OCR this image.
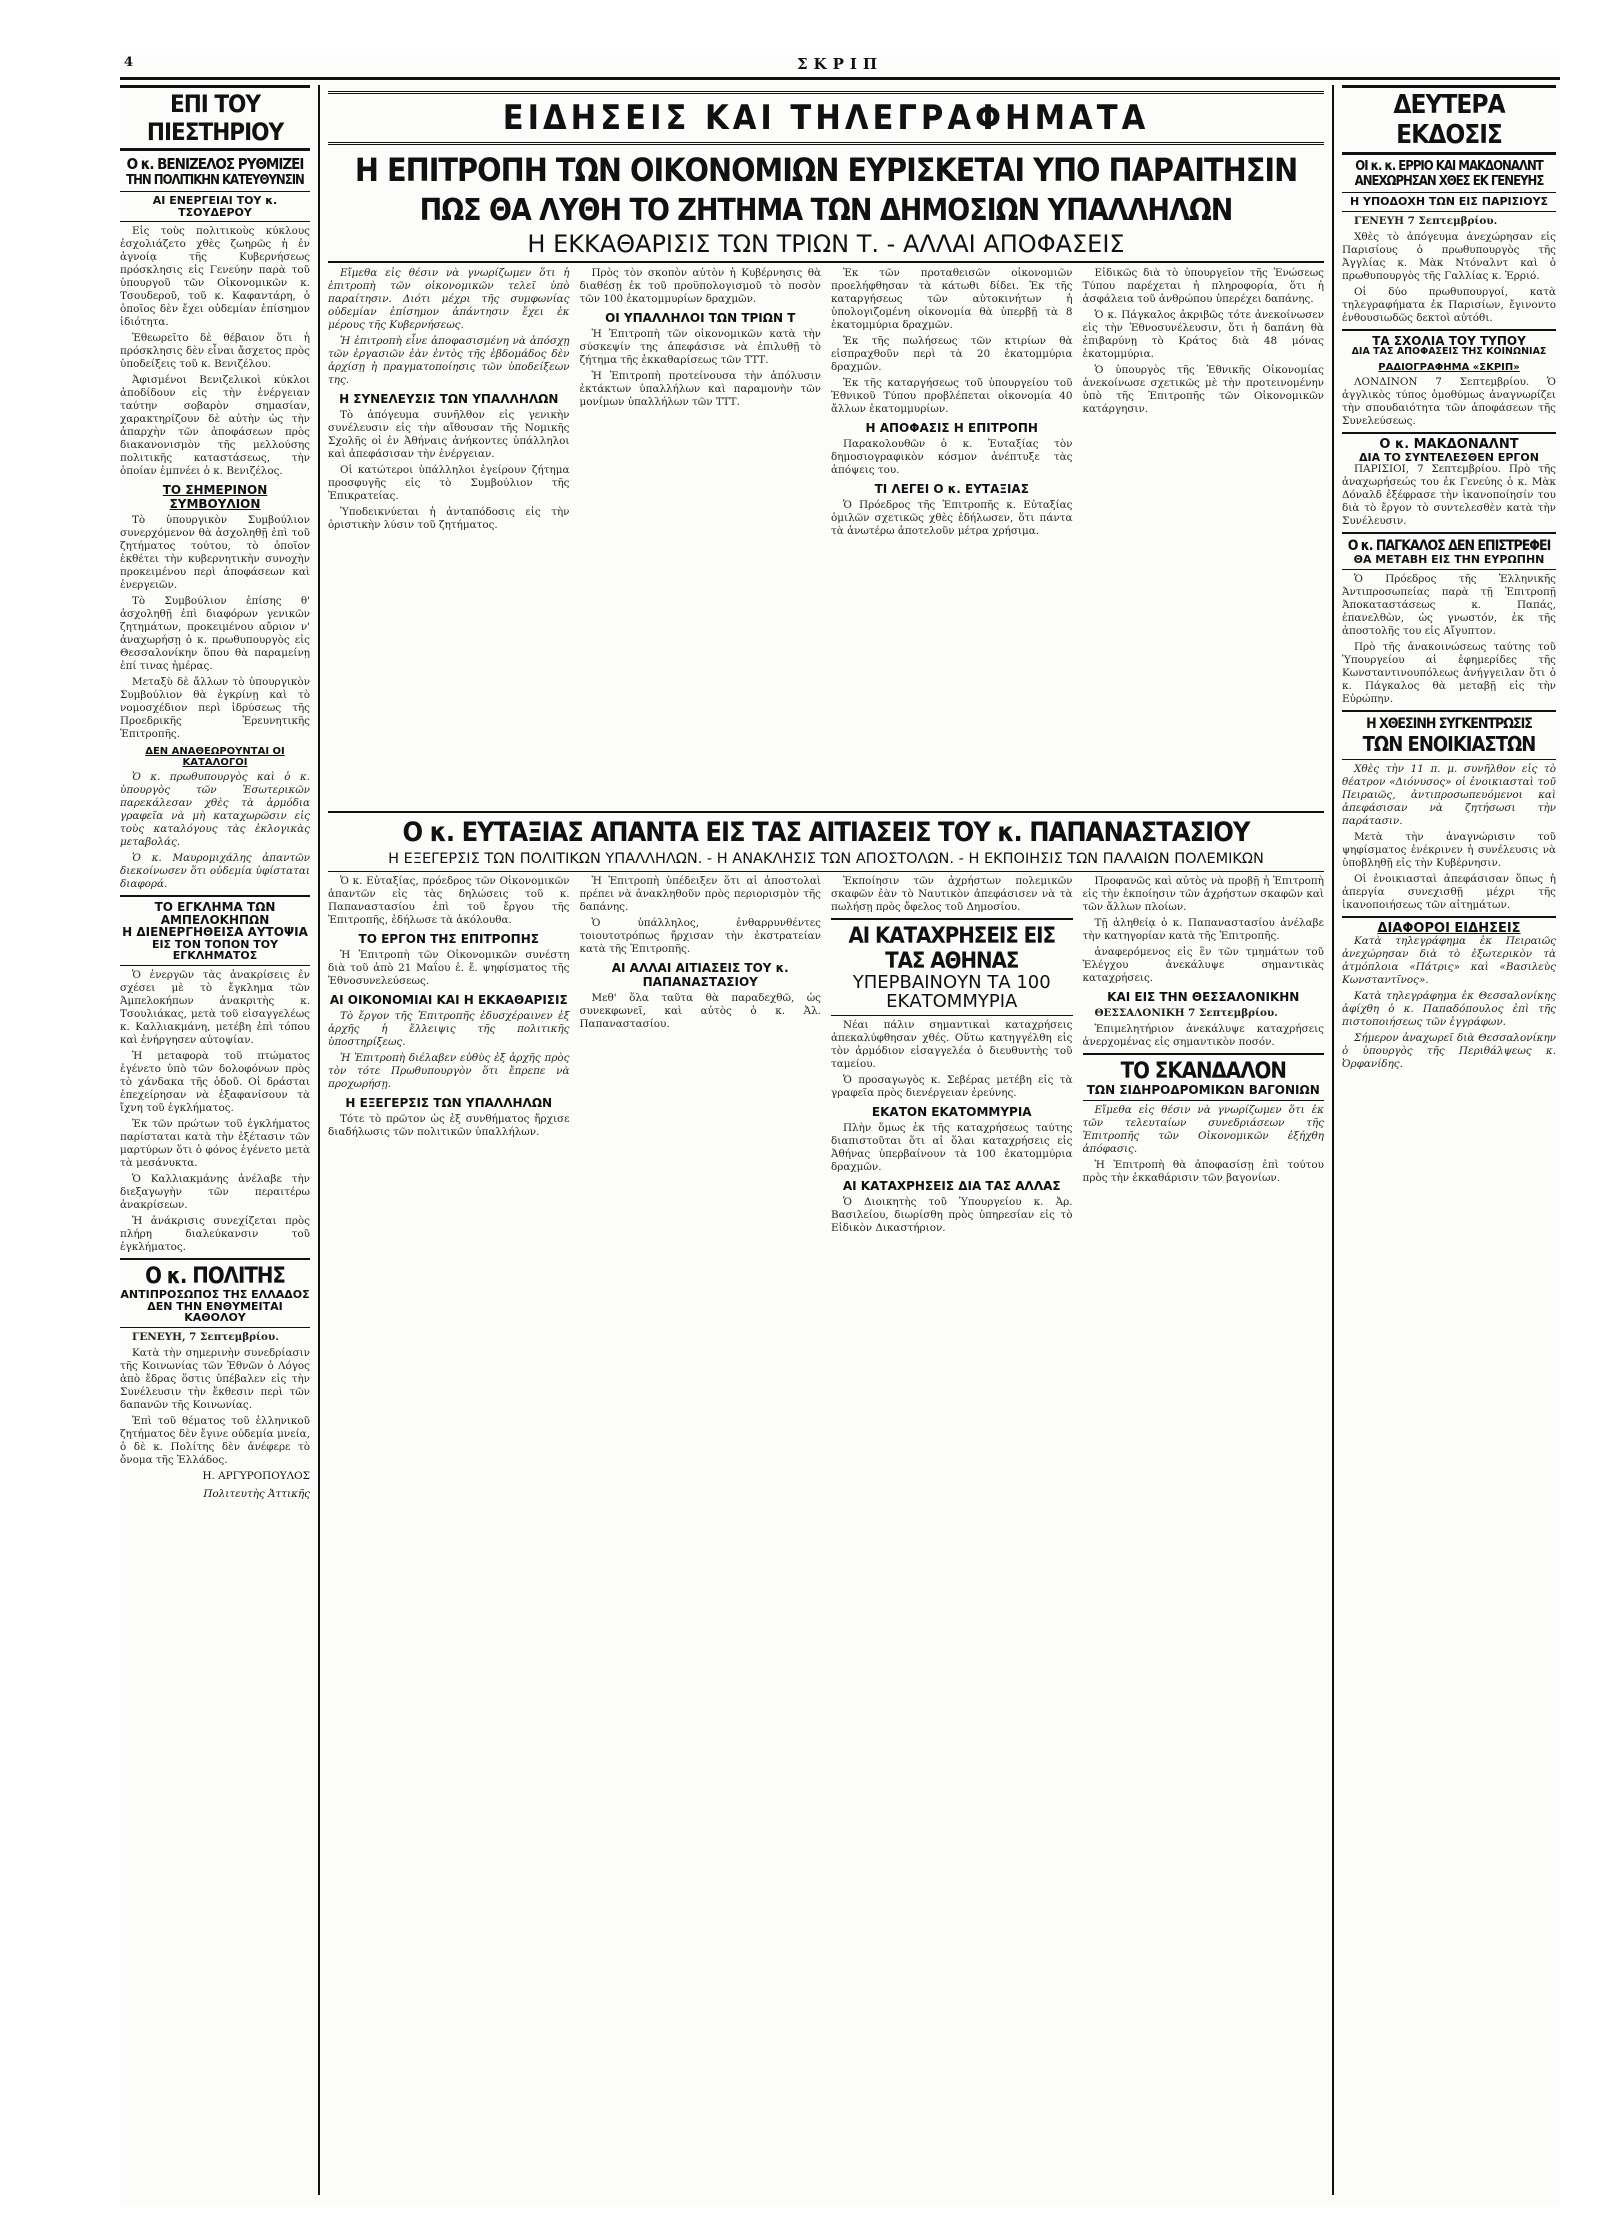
4	ΣΚΡΙΠ
ΕΠΙ ΤΟΥ ΠΙΕΣΤΗΡΙΟΥ
Ο κ. ΒΕΝΙΖΕΛΟΣ ΡΥΘΜΙΖΕΙ
ΤΗΝ ΠΟΛΙΤΙΚΗΝ ΚΑΤΕΥΘΥΝΣΙΝ
ΑΙ ΕΝΕΡΓΕΙΑΙ ΤΟΥ κ. ΤΣΟΥΔΕΡΟΥ

Εἰς τοὺς πολιτικοὺς κύκλους ἐσχολιάζετο χθὲς ζωηρῶς ἡ ἐν ἀγνοίᾳ τῆς Κυβερνήσεως πρόσκλησις εἰς Γενεύην παρὰ τοῦ ὑπουργοῦ τῶν Οἰκονομικῶν κ. Τσουδεροῦ, τοῦ κ. Καφαντάρη, ὁ ὁποῖος δὲν ἔχει οὐδεμίαν ἐπίσημον ἰδιότητα.

Ἐθεωρεῖτο δὲ θέβαιον ὅτι ἡ πρόσκλησις δὲν εἶναι ἄσχετος πρὸς ὑποδείξεις τοῦ κ. Βενιζέλου.

Ἀφισμένοι Βενιζελικοὶ κύκλοι ἀποδίδουν εἰς τὴν ἐνέργειαν ταύτην σοβαρὸν σημασίαν, χαρακτηρίζουν δὲ αὐτὴν ὡς τὴν ἀπαρχὴν τῶν ἀποφάσεων πρὸς διακανονισμὸν τῆς μελλούσης πολιτικῆς καταστάσεως, τὴν ὁποίαν ἐμπνέει ὁ κ. Βενιζέλος.

ΤΟ ΣΗΜΕΡΙΝΟΝ ΣΥΜΒΟΥΛΙΟΝ

Τὸ ὑπουργικὸν Συμβούλιον συνερχόμενον θὰ ἀσχοληθῇ ἐπὶ τοῦ ζητήματος τούτου, τὸ ὁποῖον ἐκθέτει τὴν κυβερνητικὴν συνοχὴν προκειμένου περὶ ἀποφάσεων καὶ ἐνεργειῶν.

Τὸ Συμβούλιον ἐπίσης θ' ἀσχοληθῇ ἐπὶ διαφόρων γενικῶν ζητημάτων, προκειμένου αὔριον ν' ἀναχωρήσῃ ὁ κ. πρωθυπουργὸς εἰς Θεσσαλονίκην ὅπου θὰ παραμείνῃ ἐπί τινας ἡμέρας.

Μεταξὺ δὲ ἄλλων τὸ ὑπουργικὸν Συμβούλιον θὰ ἐγκρίνῃ καὶ τὸ νομοσχέδιον περὶ ἱδρύσεως τῆς Προεδρικῆς Ἐρευνητικῆς Ἐπιτροπῆς.

ΔΕΝ ΑΝΑΘΕΩΡΟΥΝΤΑΙ ΟΙ ΚΑΤΑΛΟΓΟΙ

Ὁ κ. πρωθυπουργὸς καὶ ὁ κ. ὑπουργὸς τῶν Ἐσωτερικῶν παρεκάλεσαν χθὲς τὰ ἀρμόδια γραφεῖα νὰ μὴ καταχωρῶσιν εἰς τοὺς καταλόγους τὰς ἐκλογικὰς μεταβολάς.

Ὁ κ. Μαυρομιχάλης ἀπαντῶν διεκοίνωσεν ὅτι οὐδεμία ὑφίσταται διαφορά.

ΤΟ ΕΓΚΛΗΜΑ ΤΩΝ ΑΜΠΕΛΟΚΗΠΩΝ
Η ΔΙΕΝΕΡΓΗΘΕΙΣΑ ΑΥΤΟΨΙΑ
ΕΙΣ ΤΟΝ ΤΟΠΟΝ ΤΟΥ ΕΓΚΛΗΜΑΤΟΣ

Ὁ ἐνεργῶν τὰς ἀνακρίσεις ἐν σχέσει μὲ τὸ ἔγκλημα τῶν Ἀμπελοκήπων ἀνακριτὴς κ. Τσουλιάκας, μετὰ τοῦ εἰσαγγελέως κ. Καλλιακμάνη, μετέβη ἐπὶ τόπου καὶ ἐνήργησεν αὐτοψίαν.

Ἡ μεταφορὰ τοῦ πτώματος ἐγένετο ὑπὸ τῶν δολοφόνων πρὸς τὸ χάνδακα τῆς ὁδοῦ. Οἱ δράσται ἐπεχείρησαν νὰ ἐξαφανίσουν τὰ ἴχνη τοῦ ἐγκλήματος.

Ἐκ τῶν πρώτων τοῦ ἐγκλήματος παρίσταται κατὰ τὴν ἐξέτασιν τῶν μαρτύρων ὅτι ὁ φόνος ἐγένετο μετὰ τὰ μεσάνυκτα.

Ὁ Καλλιακμάνης ἀνέλαβε τὴν διεξαγωγὴν τῶν περαιτέρω ἀνακρίσεων.

Ἡ ἀνάκρισις συνεχίζεται πρὸς πλήρη διαλεύκανσιν τοῦ ἐγκλήματος.

Ο κ. ΠΟΛΙΤΗΣ
ΑΝΤΙΠΡΟΣΩΠΟΣ ΤΗΣ ΕΛΛΑΔΟΣ
ΔΕΝ ΤΗΝ ΕΝΘΥΜΕΙΤΑΙ ΚΑΘΟΛΟΥ

ΓΕΝΕΥΗ, 7 Σεπτεμβρίου.

Κατὰ τὴν σημερινὴν συνεδρίασιν τῆς Κοινωνίας τῶν Ἐθνῶν ὁ Λόγος ἀπὸ ἔδρας ὅστις ὑπέβαλεν εἰς τὴν Συνέλευσιν τὴν ἔκθεσιν περὶ τῶν δαπανῶν τῆς Κοινωνίας.

Ἐπὶ τοῦ θέματος τοῦ ἑλληνικοῦ ζητήματος δὲν ἔγινε οὐδεμία μνεία, ὁ δὲ κ. Πολίτης δὲν ἀνέφερε τὸ ὄνομα τῆς Ἑλλάδος.

Η. ΑΡΓΥΡΟΠΟΥΛΟΣ
Πολιτευτὴς Ἀττικῆς
ΕΙΔΗΣΕΙΣ ΚΑΙ ΤΗΛΕΓΡΑΦΗΜΑΤΑ
Η ΕΠΙΤΡΟΠΗ ΤΩΝ ΟΙΚΟΝΟΜΙΩΝ ΕΥΡΙΣΚΕΤΑΙ ΥΠΟ ΠΑΡΑΙΤΗΣΙΝ
ΠΩΣ ΘΑ ΛΥΘΗ ΤΟ ΖΗΤΗΜΑ ΤΩΝ ΔΗΜΟΣΙΩΝ ΥΠΑΛΛΗΛΩΝ
Η ΕΚΚΑΘΑΡΙΣΙΣ ΤΩΝ ΤΡΙΩΝ Τ. - ΑΛΛΑΙ ΑΠΟΦΑΣΕΙΣ

Εἴμεθα εἰς θέσιν νὰ γνωρίζωμεν ὅτι ἡ ἐπιτροπὴ τῶν οἰκονομικῶν τελεῖ ὑπὸ παραίτησιν. Διότι μέχρι τῆς συμφωνίας οὐδεμίαν ἐπίσημον ἀπάντησιν ἔχει ἐκ μέρους τῆς Κυβερνήσεως.

Ἡ ἐπιτροπὴ εἶνε ἀποφασισμένη νὰ ἀπόσχῃ τῶν ἐργασιῶν ἐὰν ἐντὸς τῆς ἑβδομάδος δὲν ἀρχίσῃ ἡ πραγματοποίησις τῶν ὑποδείξεων της.

Η ΣΥΝΕΛΕΥΣΙΣ ΤΩΝ ΥΠΑΛΛΗΛΩΝ

Τὸ ἀπόγευμα συνῆλθον εἰς γενικὴν συνέλευσιν εἰς τὴν αἴθουσαν τῆς Νομικῆς Σχολῆς οἱ ἐν Ἀθήναις ἀνήκοντες ὑπάλληλοι καὶ ἀπεφάσισαν τὴν ἐνέργειαν.

Οἱ κατώτεροι ὑπάλληλοι ἐγείρουν ζήτημα προσφυγῆς εἰς τὸ Συμβούλιον τῆς Ἐπικρατείας.

Ὑποδεικνύεται ἡ ἀνταπόδοσις εἰς τὴν ὁριστικὴν λύσιν τοῦ ζητήματος.

Πρὸς τὸν σκοπὸν αὐτὸν ἡ Κυβέρνησις θὰ διαθέσῃ ἐκ τοῦ προϋπολογισμοῦ τὸ ποσὸν τῶν 100 ἑκατομμυρίων δραχμῶν.

ΟΙ ΥΠΑΛΛΗΛΟΙ ΤΩΝ ΤΡΙΩΝ Τ

Ἡ Ἐπιτροπὴ τῶν οἰκονομικῶν κατὰ τὴν σύσκεψίν της ἀπεφάσισε νὰ ἐπιλυθῇ τὸ ζήτημα τῆς ἐκκαθαρίσεως τῶν ΤΤΤ.

Ἡ Ἐπιτροπὴ προτείνουσα τὴν ἀπόλυσιν ἐκτάκτων ὑπαλλήλων καὶ παραμονὴν τῶν μονίμων ὑπαλλήλων τῶν ΤΤΤ.

Ἐκ τῶν προταθεισῶν οἰκονομιῶν προελήφθησαν τὰ κάτωθι δίδει. Ἐκ τῆς καταργήσεως τῶν αὐτοκινήτων ἡ ὑπολογιζομένη οἰκονομία θὰ ὑπερβῇ τὰ 8 ἑκατομμύρια δραχμῶν.

Ἐκ τῆς πωλήσεως τῶν κτιρίων θὰ εἰσπραχθοῦν περὶ τὰ 20 ἑκατομμύρια δραχμῶν.

Ἐκ τῆς καταργήσεως τοῦ ὑπουργείου τοῦ Ἐθνικοῦ Τύπου προβλέπεται οἰκονομία 40 ἄλλων ἑκατομμυρίων.

Η ΑΠΟΦΑΣΙΣ Η ΕΠΙΤΡΟΠΗ

Παρακολουθῶν ὁ κ. Ἐυταξίας τὸν δημοσιογραφικὸν κόσμον ἀνέπτυξε τὰς ἀπόψεις του.

ΤΙ ΛΕΓΕΙ Ο κ. ΕΥΤΑΞΙΑΣ

Ὁ Πρόεδρος τῆς Ἐπιτροπῆς κ. Εὐταξίας ὁμιλῶν σχετικῶς χθὲς ἐδήλωσεν, ὅτι πάντα τὰ ἀνωτέρω ἀποτελοῦν μέτρα χρήσιμα.

Εἰδικῶς διὰ τὸ ὑπουργεῖον τῆς Ἐνώσεως Τύπου παρέχεται ἡ πληροφορία, ὅτι ἡ ἀσφάλεια τοῦ ἀνθρώπου ὑπερέχει δαπάνης.

Ὁ κ. Πάγκαλος ἀκριβῶς τότε ἀνεκοίνωσεν εἰς τὴν Ἐθνοσυνέλευσιν, ὅτι ἡ δαπάνη θὰ ἐπιβαρύνῃ τὸ Κράτος διὰ 48 μόνας ἑκατομμύρια.

Ὁ ὑπουργὸς τῆς Ἐθνικῆς Οἰκονομίας ἀνεκοίνωσε σχετικῶς μὲ τὴν προτεινομένην ὑπὸ τῆς Ἐπιτροπῆς τῶν Οἰκονομικῶν κατάργησιν.

Ο κ. ΕΥΤΑΞΙΑΣ ΑΠΑΝΤΑ ΕΙΣ ΤΑΣ ΑΙΤΙΑΣΕΙΣ ΤΟΥ κ. ΠΑΠΑΝΑΣΤΑΣΙΟΥ
Η ΕΞΕΓΕΡΣΙΣ ΤΩΝ ΠΟΛΙΤΙΚΩΝ ΥΠΑΛΛΗΛΩΝ. - Η ΑΝΑΚΛΗΣΙΣ ΤΩΝ ΑΠΟΣΤΟΛΩΝ. - Η ΕΚΠΟΙΗΣΙΣ ΤΩΝ ΠΑΛΑΙΩΝ ΠΟΛΕΜΙΚΩΝ

Ὁ κ. Εὐταξίας, πρόεδρος τῶν Οἰκονομικῶν ἀπαντῶν εἰς τὰς δηλώσεις τοῦ κ. Παπαναστασίου ἐπὶ τοῦ ἔργου τῆς Ἐπιτροπῆς, ἐδήλωσε τὰ ἀκόλουθα.

ΤΟ ΕΡΓΟΝ ΤΗΣ ΕΠΙΤΡΟΠΗΣ

Ἡ Ἐπιτροπὴ τῶν Οἰκονομικῶν συνέστη διὰ τοῦ ἀπὸ 21 Μαΐου ἐ. ἔ. ψηφίσματος τῆς Ἐθνοσυνελεύσεως.

ΑΙ ΟΙΚΟΝΟΜΙΑΙ ΚΑΙ Η ΕΚΚΑΘΑΡΙΣΙΣ

Τὸ ἔργον τῆς Ἐπιτροπῆς ἐδυσχέραινεν ἐξ ἀρχῆς ἡ ἔλλειψις τῆς πολιτικῆς ὑποστηρίξεως.

Ἡ Ἐπιτροπὴ διέλαβεν εὐθὺς ἐξ ἀρχῆς πρὸς τὸν τότε Πρωθυπουργὸν ὅτι ἔπρεπε νὰ προχωρήσῃ.

Η ΕΞΕΓΕΡΣΙΣ ΤΩΝ ΥΠΑΛΛΗΛΩΝ

Τότε τὸ πρῶτον ὡς ἐξ συνθήματος ἤρχισε διαδήλωσις τῶν πολιτικῶν ὑπαλλήλων.

Ἡ Ἐπιτροπὴ ὑπέδειξεν ὅτι αἱ ἀποστολαὶ πρέπει νὰ ἀνακληθοῦν πρὸς περιορισμὸν τῆς δαπάνης.

Ὁ ὑπάλληλος, ἐνθαρρυνθέντες τοιουτοτρόπως ἤρχισαν τὴν ἐκστρατείαν κατὰ τῆς Ἐπιτροπῆς.

ΑΙ ΑΛΛΑΙ ΑΙΤΙΑΣΕΙΣ ΤΟΥ κ. ΠΑΠΑΝΑΣΤΑΣΙΟΥ

Μεθ' ὅλα ταῦτα θὰ παραδεχθῶ, ὡς συνεκφωνεῖ, καὶ αὐτὸς ὁ κ. Ἀλ. Παπαναστασίου.

Ἐκποίησιν τῶν ἀχρήστων πολεμικῶν σκαφῶν ἐὰν τὸ Ναυτικὸν ἀπεφάσισεν νὰ τὰ πωλήσῃ πρὸς ὄφελος τοῦ Δημοσίου.

ΑΙ ΚΑΤΑΧΡΗΣΕΙΣ ΕΙΣ ΤΑΣ ΑΘΗΝΑΣ
ΥΠΕΡΒΑΙΝΟΥΝ ΤΑ 100 ΕΚΑΤΟΜΜΥΡΙΑ

Νέαι πάλιν σημαντικαὶ καταχρήσεις ἀπεκαλύφθησαν χθές. Οὕτω κατηγγέλθη εἰς τὸν ἀρμόδιον εἰσαγγελέα ὁ διευθυντὴς τοῦ ταμείου.

Ὁ προσαγωγὸς κ. Σεβέρας μετέβη εἰς τὰ γραφεῖα πρὸς διενέργειαν ἐρεύνης.

ΕΚΑΤΟΝ ΕΚΑΤΟΜΜΥΡΙΑ

Πλὴν ὅμως ἐκ τῆς καταχρήσεως ταύτης διαπιστοῦται ὅτι αἱ ὅλαι καταχρήσεις εἰς Ἀθήνας ὑπερβαίνουν τὰ 100 ἑκατομμύρια δραχμῶν.

ΑΙ ΚΑΤΑΧΡΗΣΕΙΣ ΔΙΑ ΤΑΣ ΑΛΛΑΣ

Ὁ Διοικητὴς τοῦ Ὑπουργείου κ. Ἀρ. Βασιλείου, διωρίσθη πρὸς ὑπηρεσίαν εἰς τὸ Εἰδικὸν Δικαστήριον.

Προφανῶς καὶ αὐτὸς νὰ προβῇ ἡ Ἐπιτροπὴ εἰς τὴν ἐκποίησιν τῶν ἀχρήστων σκαφῶν καὶ τῶν ἄλλων πλοίων.

Τῇ ἀληθείᾳ ὁ κ. Παπαναστασίου ἀνέλαβε τὴν κατηγορίαν κατὰ τῆς Ἐπιτροπῆς.

ἀναφερόμενος εἰς ἓν τῶν τμημάτων τοῦ Ἐλέγχου ἀνεκάλυψε σημαντικὰς καταχρήσεις.

ΚΑΙ ΕΙΣ ΤΗΝ ΘΕΣΣΑΛΟΝΙΚΗΝ

ΘΕΣΣΑΛΟΝΙΚΗ 7 Σεπτεμβρίου.

Ἐπιμελητήριον ἀνεκάλυψε καταχρήσεις ἀνερχομένας εἰς σημαντικὸν ποσόν.

ΤΟ ΣΚΑΝΔΑΛΟΝ
ΤΩΝ ΣΙΔΗΡΟΔΡΟΜΙΚΩΝ ΒΑΓΟΝΙΩΝ

Εἴμεθα εἰς θέσιν νὰ γνωρίζωμεν ὅτι ἐκ τῶν τελευταίων συνεδριάσεων τῆς Ἐπιτροπῆς τῶν Οἰκονομικῶν ἐξήχθη ἀπόφασις.

Ἡ Ἐπιτροπὴ θὰ ἀποφασίσῃ ἐπὶ τούτου πρὸς τὴν ἐκκαθάρισιν τῶν βαγονίων.

ΔΕΥΤΕΡΑ ΕΚΔΟΣΙΣ
ΟΙ κ. κ. ΕΡΡΙΟ ΚΑΙ ΜΑΚΔΟΝΑΛΝΤ ΑΝΕΧΩΡΗΣΑΝ ΧΘΕΣ ΕΚ ΓΕΝΕΥΗΣ
Η ΥΠΟΔΟΧΗ ΤΩΝ ΕΙΣ ΠΑΡΙΣΙΟΥΣ

ΓΕΝΕΥΗ 7 Σεπτεμβρίου.

Χθὲς τὸ ἀπόγευμα ἀνεχώρησαν εἰς Παρισίους ὁ πρωθυπουργὸς τῆς Ἀγγλίας κ. Μὰκ Ντόναλντ καὶ ὁ πρωθυπουργὸς τῆς Γαλλίας κ. Ἐρριό.

Οἱ δύο πρωθυπουργοί, κατὰ τηλεγραφήματα ἐκ Παρισίων, ἔγινοντο ἐνθουσιωδῶς δεκτοὶ αὐτόθι.

ΤΑ ΣΧΟΛΙΑ ΤΟΥ ΤΥΠΟΥ
ΔΙΑ ΤΑΣ ΑΠΟΦΑΣΕΙΣ ΤΗΣ ΚΟΙΝΩΝΙΑΣ
ΡΑΔΙΟΓΡΑΦΗΜΑ «ΣΚΡΙΠ»

ΛΟΝΔΙΝΟΝ 7 Σεπτεμβρίου. Ὁ ἀγγλικὸς τύπος ὁμοθύμως ἀναγνωρίζει τὴν σπουδαιότητα τῶν ἀποφάσεων τῆς Συνελεύσεως.

Ο κ. ΜΑΚΔΟΝΑΛΝΤ
ΔΙΑ ΤΟ ΣΥΝΤΕΛΕΣΘΕΝ ΕΡΓΟΝ

ΠΑΡΙΣΙΟΙ, 7 Σεπτεμβρίου. Πρὸ τῆς ἀναχωρήσεώς του ἐκ Γενεύης ὁ κ. Μὰκ Δόναλδ ἐξέφρασε τὴν ἱκανοποίησίν του διὰ τὸ ἔργον τὸ συντελεσθὲν κατὰ τὴν Συνέλευσιν.

Ο κ. ΠΑΓΚΑΛΟΣ ΔΕΝ ΕΠΙΣΤΡΕΦΕΙ
ΘΑ ΜΕΤΑΒΗ ΕΙΣ ΤΗΝ ΕΥΡΩΠΗΝ

Ὁ Πρόεδρος τῆς Ἑλληνικῆς Ἀντιπροσωπείας παρὰ τῇ Ἐπιτροπῇ Ἀποκαταστάσεως κ. Παπάς, ἐπανελθὼν, ὡς γνωστόν, ἐκ τῆς ἀποστολῆς του εἰς Αἴγυπτον.

Πρὸ τῆς ἀνακοινώσεως ταύτης τοῦ Ὑπουργείου αἱ ἐφημερίδες τῆς Κωνσταντινουπόλεως ἀνήγγειλαν ὅτι ὁ κ. Πάγκαλος θὰ μεταβῇ εἰς τὴν Εὐρώπην.

Η ΧΘΕΣΙΝΗ ΣΥΓΚΕΝΤΡΩΣΙΣ
ΤΩΝ ΕΝΟΙΚΙΑΣΤΩΝ

Χθὲς τὴν 11 π. μ. συνῆλθον εἰς τὸ θέατρον «Διόνυσος» οἱ ἐνοικιασταὶ τοῦ Πειραιῶς, ἀντιπροσωπευόμενοι καὶ ἀπεφάσισαν νὰ ζητήσωσι τὴν παράτασιν.

Μετὰ τὴν ἀναγνώρισιν τοῦ ψηφίσματος ἐνέκρινεν ἡ συνέλευσις νὰ ὑποβληθῇ εἰς τὴν Κυβέρνησιν.

Οἱ ἐνοικιασταὶ ἀπεφάσισαν ὅπως ἡ ἀπεργία συνεχισθῇ μέχρι τῆς ἱκανοποιήσεως τῶν αἰτημάτων.

ΔΙΑΦΟΡΟΙ ΕΙΔΗΣΕΙΣ

Κατὰ τηλεγράφημα ἐκ Πειραιῶς ἀνεχώρησαν διὰ τὸ ἐξωτερικὸν τὰ ἀτμόπλοια «Πάτρις» καὶ «Βασιλεὺς Κωνσταντῖνος».

Κατὰ τηλεγράφημα ἐκ Θεσσαλονίκης ἀφίχθη ὁ κ. Παπαδόπουλος ἐπὶ τῆς πιστοποιήσεως τῶν ἐγγράφων.

Σήμερον ἀναχωρεῖ διὰ Θεσσαλονίκην ὁ ὑπουργὸς τῆς Περιθάλψεως κ. Ὀρφανίδης.
